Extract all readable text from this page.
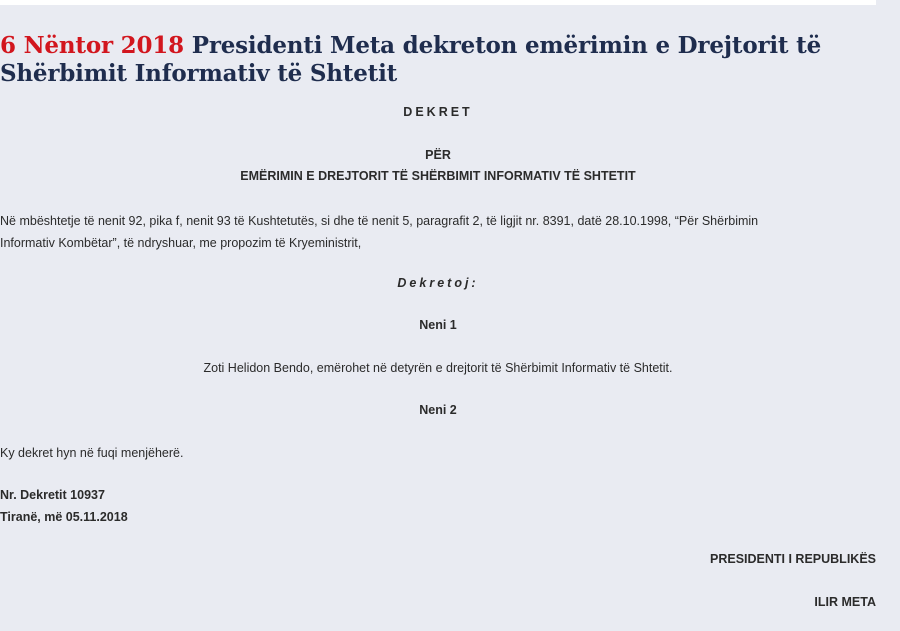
6 Nëntor 2018 Presidenti Meta dekreton emërimin e Drejtorit të Shërbimit Informativ të Shtetit
DEKRET
PËR
EMËRIMIN E DREJTORIT TË SHËRBIMIT INFORMATIV TË SHTETIT
Në mbështetje të nenit 92, pika f, nenit 93 të Kushtetutës, si dhe të nenit 5, paragrafit 2, të ligjit nr. 8391, datë 28.10.1998, “Për Shërbimin
Informativ Kombëtar”, të ndryshuar, me propozim të Kryeministrit,
Dekretoj:
Neni 1
Zoti Helidon Bendo, emërohet në detyrën e drejtorit të Shërbimit Informativ të Shtetit.
Neni 2
Ky dekret hyn në fuqi menjëherë.
Nr. Dekretit 10937
Tiranë, më 05.11.2018
PRESIDENTI I REPUBLIKËS
ILIR META
